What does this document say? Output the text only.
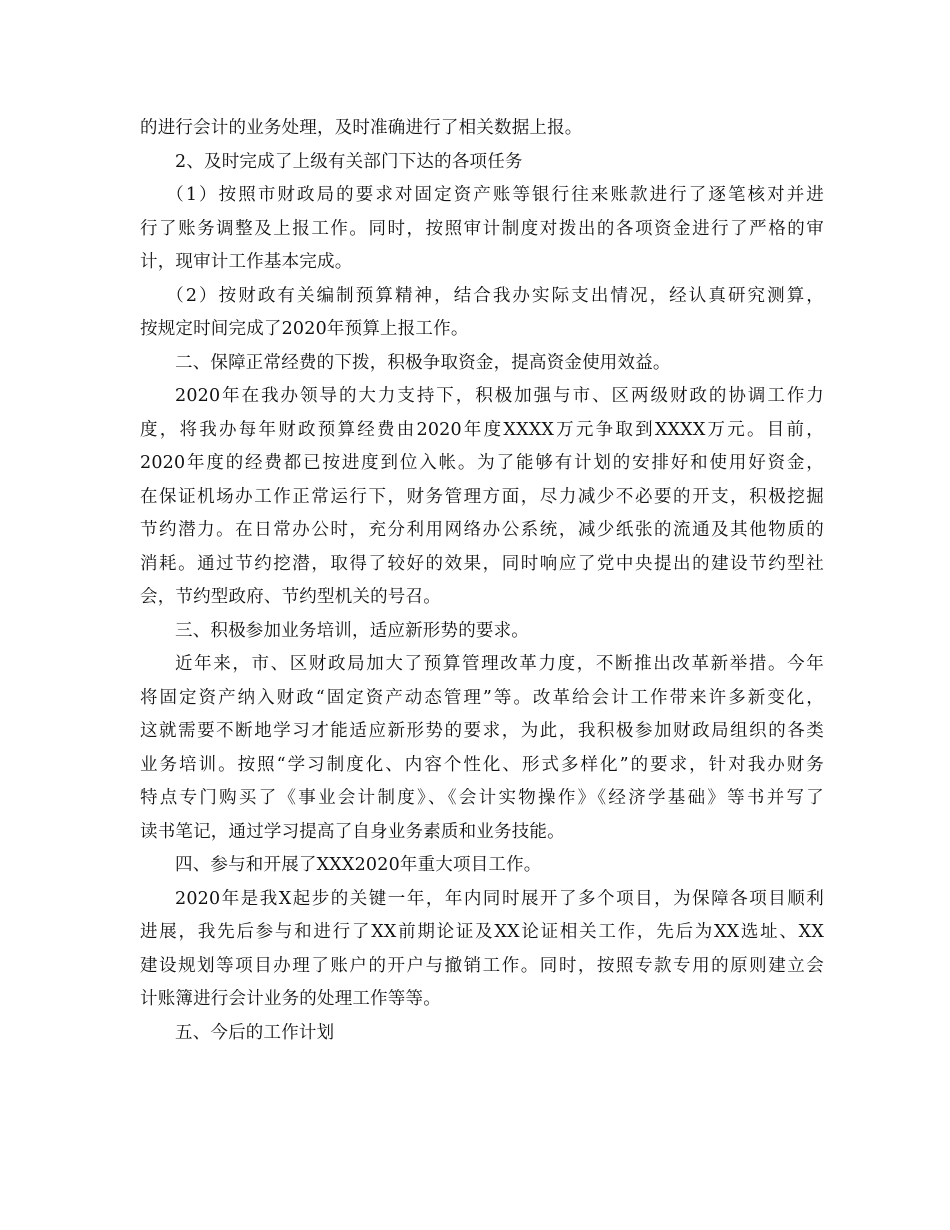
的进行会计的业务处理，及时准确进行了相关数据上报。

2、及时完成了上级有关部门下达的各项任务

（1）按照市财政局的要求对固定资产账等银行往来账款进行了逐笔核对并进
行了账务调整及上报工作。同时，按照审计制度对拨出的各项资金进行了严格的审
计，现审计工作基本完成。

（2）按财政有关编制预算精神，结合我办实际支出情况，经认真研究测算，
按规定时间完成了2020年预算上报工作。

二、保障正常经费的下拨，积极争取资金，提高资金使用效益。

2020年在我办领导的大力支持下，积极加强与市、区两级财政的协调工作力
度，将我办每年财政预算经费由2020年度XXXX万元争取到XXXX万元。目前，
2020年度的经费都已按进度到位入帐。为了能够有计划的安排好和使用好资金，
在保证机场办工作正常运行下，财务管理方面，尽力减少不必要的开支，积极挖掘
节约潜力。在日常办公时，充分利用网络办公系统，减少纸张的流通及其他物质的
消耗。通过节约挖潜，取得了较好的效果，同时响应了党中央提出的建设节约型社
会，节约型政府、节约型机关的号召。

三、积极参加业务培训，适应新形势的要求。

近年来，市、区财政局加大了预算管理改革力度，不断推出改革新举措。今年
将固定资产纳入财政“固定资产动态管理”等。改革给会计工作带来许多新变化，
这就需要不断地学习才能适应新形势的要求，为此，我积极参加财政局组织的各类
业务培训。按照“学习制度化、内容个性化、形式多样化”的要求，针对我办财务
特点专门购买了《事业会计制度》、《会计实物操作》《经济学基础》等书并写了
读书笔记，通过学习提高了自身业务素质和业务技能。

四、参与和开展了XXX2020年重大项目工作。

2020年是我X起步的关键一年，年内同时展开了多个项目，为保障各项目顺利
进展，我先后参与和进行了XX前期论证及XX论证相关工作，先后为XX选址、XX
建设规划等项目办理了账户的开户与撤销工作。同时，按照专款专用的原则建立会
计账簿进行会计业务的处理工作等等。

五、今后的工作计划
